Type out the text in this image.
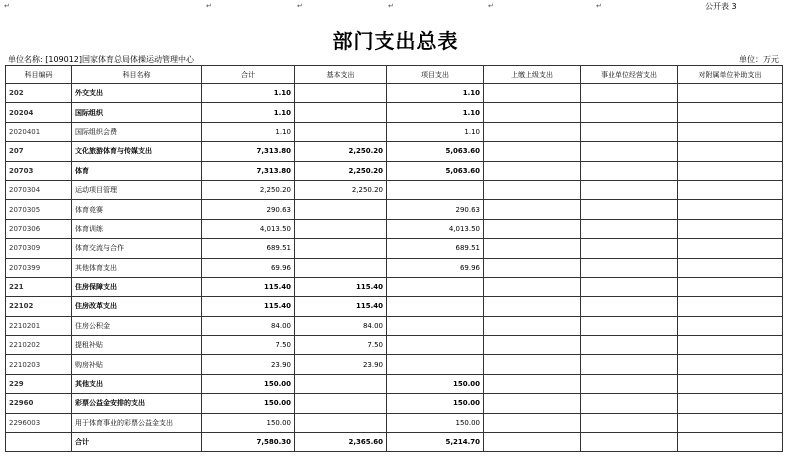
↵	↵	↵	↵	↵	↵	公开表 3
部门支出总表
单位名称: [109012]国家体育总局体操运动管理中心	单位：万元
科目编码	科目名称	合计	基本支出	项目支出	上缴上级支出	事业单位经营支出	对附属单位补助支出
202	外交支出	1.10		1.10			
20204	国际组织	1.10		1.10			
2020401	国际组织会费	1.10		1.10			
207	文化旅游体育与传媒支出	7,313.80	2,250.20	5,063.60			
20703	体育	7,313.80	2,250.20	5,063.60			
2070304	运动项目管理	2,250.20	2,250.20				
2070305	体育竞赛	290.63		290.63			
2070306	体育训练	4,013.50		4,013.50			
2070309	体育交流与合作	689.51		689.51			
2070399	其他体育支出	69.96		69.96			
221	住房保障支出	115.40	115.40				
22102	住房改革支出	115.40	115.40				
2210201	住房公积金	84.00	84.00				
2210202	提租补贴	7.50	7.50				
2210203	购房补贴	23.90	23.90				
229	其他支出	150.00		150.00			
22960	彩票公益金安排的支出	150.00		150.00			
2296003	用于体育事业的彩票公益金支出	150.00		150.00			
	合计	7,580.30	2,365.60	5,214.70			
